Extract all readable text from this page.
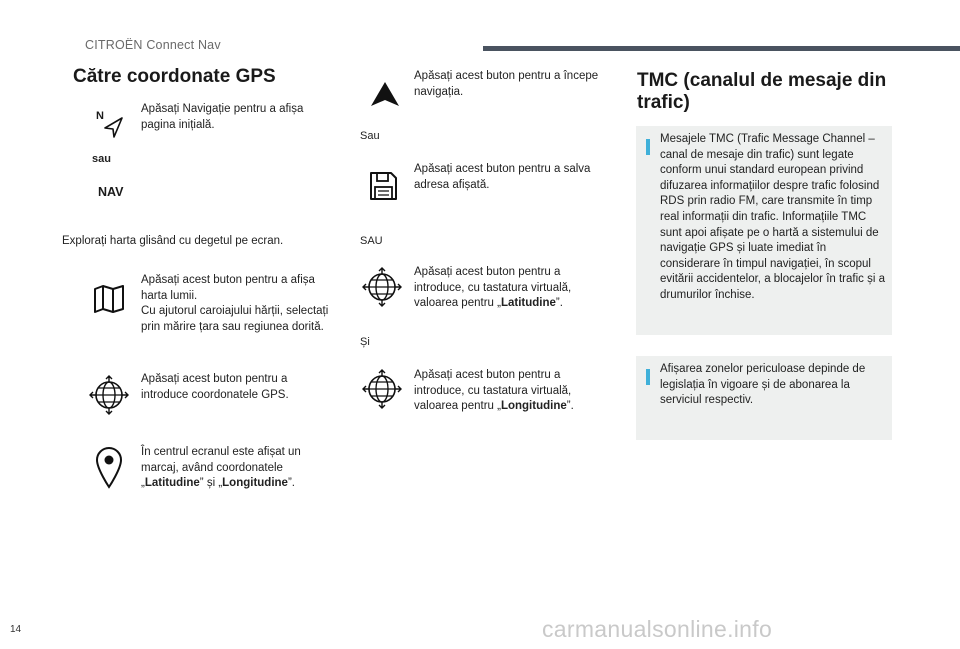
CITROËN Connect Nav
Către coordonate GPS
N
Apăsați Navigație pentru a afișa pagina inițială.
sau
NAV
Explorați harta glisând cu degetul pe ecran.
Apăsați acest buton pentru a afișa harta lumii.
Cu ajutorul caroiajului hărții, selectați prin mărire țara sau regiunea dorită.
Apăsați acest buton pentru a introduce coordonatele GPS.
În centrul ecranul este afișat un marcaj, având coordonatele „Latitudine” și „Longitudine”.
Apăsați acest buton pentru a începe navigația.
Sau
Apăsați acest buton pentru a salva adresa afișată.
SAU
Apăsați acest buton pentru a introduce, cu tastatura virtuală, valoarea pentru „Latitudine”.
Și
Apăsați acest buton pentru a introduce, cu tastatura virtuală, valoarea pentru „Longitudine”.
TMC (canalul de mesaje din trafic)
Mesajele TMC (Trafic Message Channel – canal de mesaje din trafic) sunt legate conform unui standard european privind difuzarea informațiilor despre trafic folosind RDS prin radio FM, care transmite în timp real informații din trafic. Informațiile TMC sunt apoi afișate pe o hartă a sistemului de navigație GPS și luate imediat în considerare în timpul navigației, în scopul evitării accidentelor, a blocajelor în trafic și a drumurilor închise.
Afișarea zonelor periculoase depinde de legislația în vigoare și de abonarea la serviciul respectiv.
14	carmanualsonline.info
